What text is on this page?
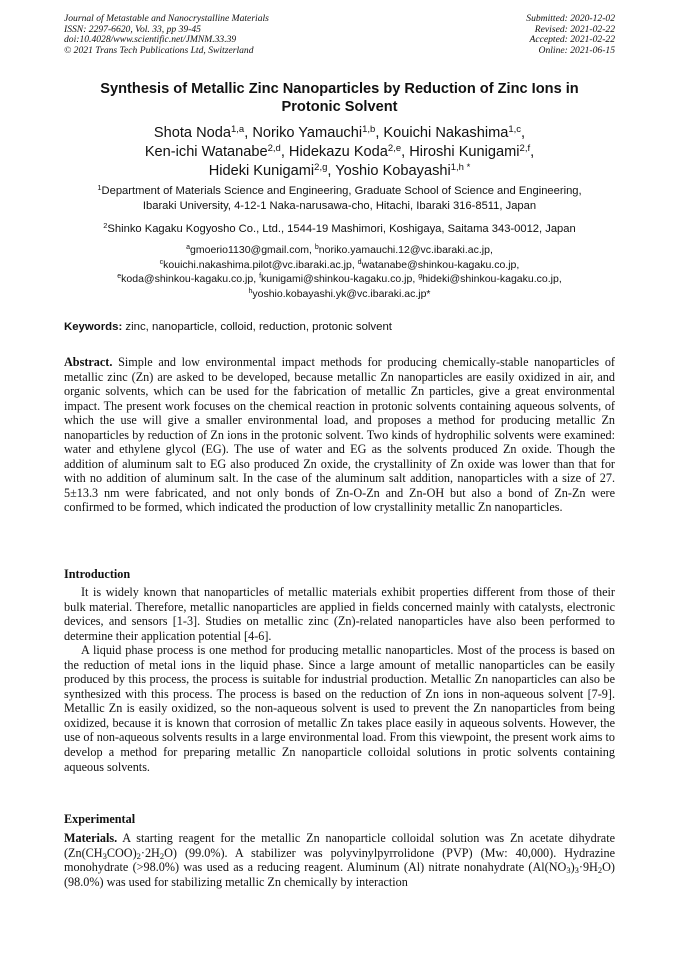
Journal of Metastable and Nanocrystalline Materials
ISSN: 2297-6620, Vol. 33, pp 39-45
doi:10.4028/www.scientific.net/JMNM.33.39
© 2021 Trans Tech Publications Ltd, Switzerland
Submitted: 2020-12-02
Revised: 2021-02-22
Accepted: 2021-02-22
Online: 2021-06-15
Synthesis of Metallic Zinc Nanoparticles by Reduction of Zinc Ions in
Protonic Solvent
Shota Noda$^{1,a}$, Noriko Yamauchi$^{1,b}$, Kouichi Nakashima$^{1,c}$,
Ken-ichi Watanabe$^{2,d}$, Hidekazu Koda$^{2,e}$, Hiroshi Kunigami$^{2,f}$,
Hideki Kunigami$^{2,g}$, Yoshio Kobayashi$^{1,h *}$
$^1$Department of Materials Science and Engineering, Graduate School of Science and Engineering,
Ibaraki University, 4-12-1 Naka-narusawa-cho, Hitachi, Ibaraki 316-8511, Japan
$^2$Shinko Kagaku Kogyosho Co., Ltd., 1544-19 Mashimori, Koshigaya, Saitama 343-0012, Japan
$^a$gmoerio1130@gmail.com, $^b$noriko.yamauchi.12@vc.ibaraki.ac.jp,
$^c$kouichi.nakashima.pilot@vc.ibaraki.ac.jp, $^d$watanabe@shinkou-kagaku.co.jp,
$^e$koda@shinkou-kagaku.co.jp, $^f$kunigami@shinkou-kagaku.co.jp, $^g$hideki@shinkou-kagaku.co.jp,
$^h$yoshio.kobayashi.yk@vc.ibaraki.ac.jp*
Keywords: zinc, nanoparticle, colloid, reduction, protonic solvent

Abstract. Simple and low environmental impact methods for producing chemically-stable nanoparticles of metallic zinc (Zn) are asked to be developed, because metallic Zn nanoparticles are easily oxidized in air, and organic solvents, which can be used for the fabrication of metallic Zn particles, give a great environmental impact. The present work focuses on the chemical reaction in protonic solvents containing aqueous solvents, of which the use will give a smaller environmental load, and proposes a method for producing metallic Zn nanoparticles by reduction of Zn ions in the protonic solvent. Two kinds of hydrophilic solvents were examined: water and ethylene glycol (EG). The use of water and EG as the solvents produced Zn oxide. Though the addition of aluminum salt to EG also produced Zn oxide, the crystallinity of Zn oxide was lower than that for with no addition of aluminum salt. In the case of the aluminum salt addition, nanoparticles with a size of 27. 5±13.3 nm were fabricated, and not only bonds of Zn-O-Zn and Zn-OH but also a bond of Zn-Zn were confirmed to be formed, which indicated the production of low crystallinity metallic Zn nanoparticles.

Introduction

It is widely known that nanoparticles of metallic materials exhibit properties different from those of their bulk material. Therefore, metallic nanoparticles are applied in fields concerned mainly with catalysts, electronic devices, and sensors [1-3]. Studies on metallic zinc (Zn)-related nanoparticles have also been performed to determine their application potential [4-6].

A liquid phase process is one method for producing metallic nanoparticles. Most of the process is based on the reduction of metal ions in the liquid phase. Since a large amount of metallic nanoparticles can be easily produced by this process, the process is suitable for industrial production. Metallic Zn nanoparticles can also be synthesized with this process. The process is based on the reduction of Zn ions in non-aqueous solvent [7-9]. Metallic Zn is easily oxidized, so the non-aqueous solvent is used to prevent the Zn nanoparticles from being oxidized, because it is known that corrosion of metallic Zn takes place easily in aqueous solvents. However, the use of non-aqueous solvents results in a large environmental load. From this viewpoint, the present work aims to develop a method for preparing metallic Zn nanoparticle colloidal solutions in protic solvents containing aqueous solvents.

Experimental

Materials. A starting reagent for the metallic Zn nanoparticle colloidal solution was Zn acetate dihydrate $(Zn(CH_3COO)_2\cdot 2H_2O)$ (99.0%). A stabilizer was polyvinylpyrrolidone (PVP) (Mw: 40,000). Hydrazine monohydrate (>98.0%) was used as a reducing reagent. Aluminum (Al) nitrate nonahydrate $(Al(NO_3)_3\cdot 9H_2O)$ (98.0%) was used for stabilizing metallic Zn chemically by interaction
